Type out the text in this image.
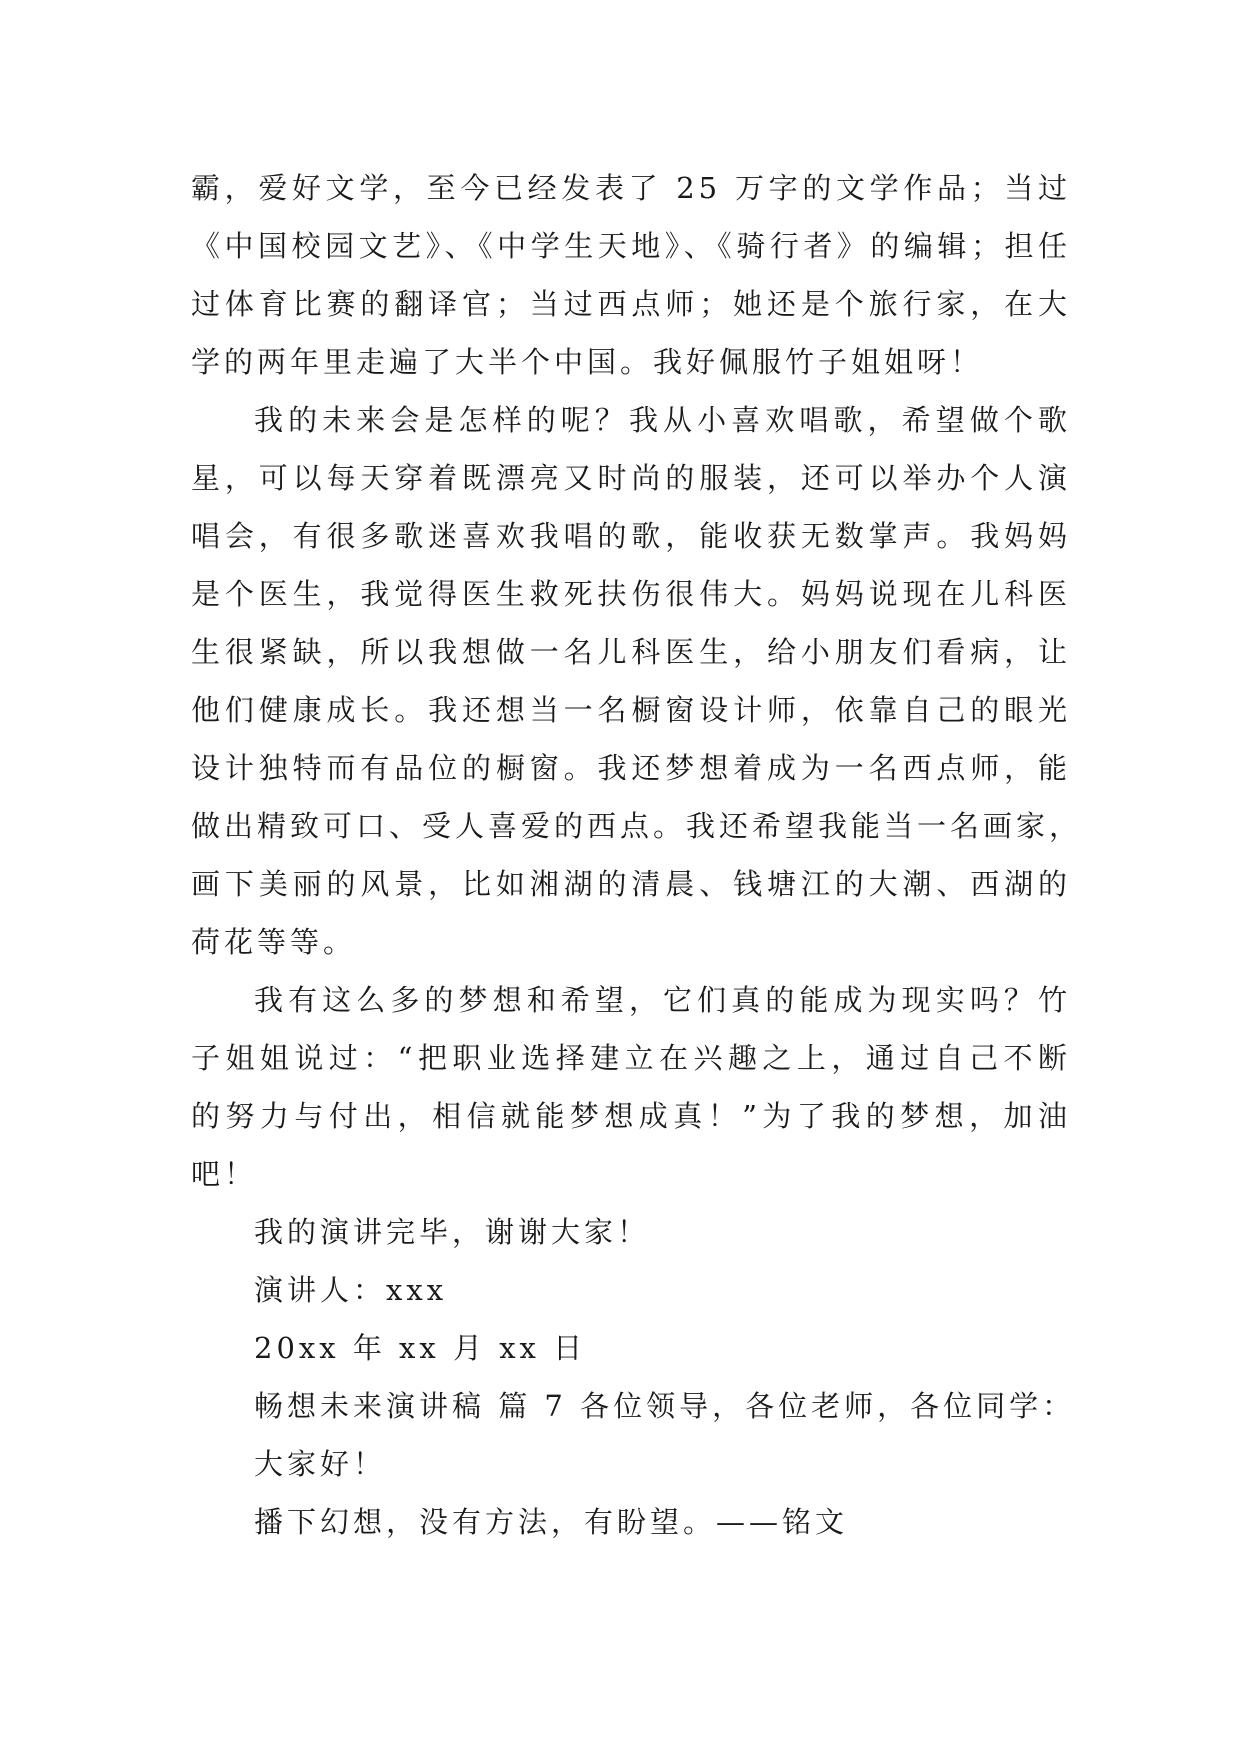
霸，爱好文学，至今已经发表了 25 万字的文学作品；当过
《中国校园文艺》、《中学生天地》、《骑行者》的编辑；担任
过体育比赛的翻译官；当过西点师；她还是个旅行家，在大
学的两年里走遍了大半个中国。我好佩服竹子姐姐呀！
我的未来会是怎样的呢？我从小喜欢唱歌，希望做个歌
星，可以每天穿着既漂亮又时尚的服装，还可以举办个人演
唱会，有很多歌迷喜欢我唱的歌，能收获无数掌声。我妈妈
是个医生，我觉得医生救死扶伤很伟大。妈妈说现在儿科医
生很紧缺，所以我想做一名儿科医生，给小朋友们看病，让
他们健康成长。我还想当一名橱窗设计师，依靠自己的眼光
设计独特而有品位的橱窗。我还梦想着成为一名西点师，能
做出精致可口、受人喜爱的西点。我还希望我能当一名画家，
画下美丽的风景，比如湘湖的清晨、钱塘江的大潮、西湖的
荷花等等。
我有这么多的梦想和希望，它们真的能成为现实吗？竹
子姐姐说过：“把职业选择建立在兴趣之上，通过自己不断
的努力与付出，相信就能梦想成真！”为了我的梦想，加油
吧！
我的演讲完毕，谢谢大家！
演讲人：xxx
20xx 年 xx 月 xx 日
畅想未来演讲稿 篇 7 各位领导，各位老师，各位同学：
大家好！
播下幻想，没有方法，有盼望。——铭文
